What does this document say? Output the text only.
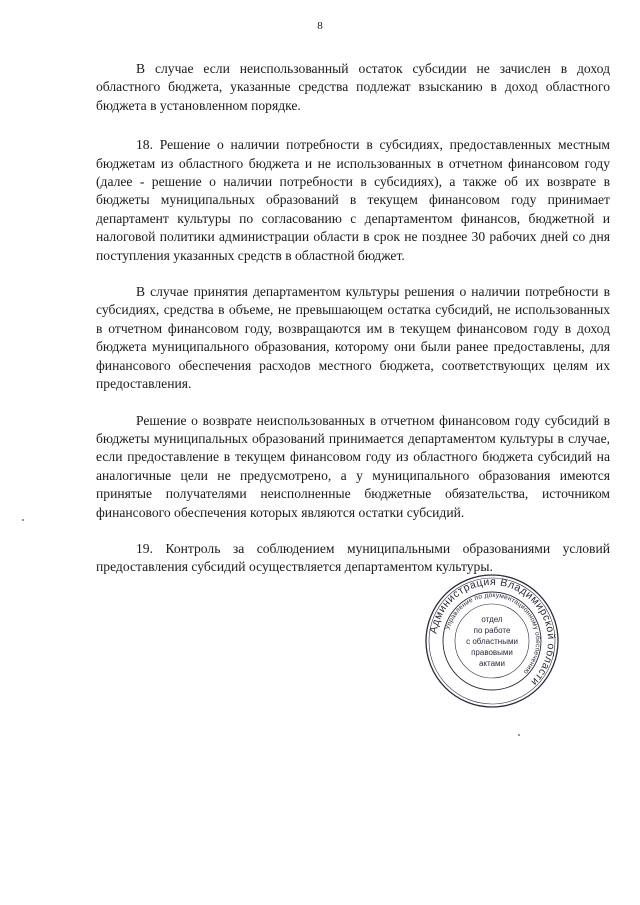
8

В случае если неиспользованный остаток субсидии не зачислен в доход областного бюджета, указанные средства подлежат взысканию в доход областного бюджета в установленном порядке.

18. Решение о наличии потребности в субсидиях, предоставленных местным бюджетам из областного бюджета и не использованных в отчетном финансовом году (далее - решение о наличии потребности в субсидиях), а также об их возврате в бюджеты муниципальных образований в текущем финансовом году принимает департамент культуры по согласованию с департаментом финансов, бюджетной и налоговой политики администрации области в срок не позднее 30 рабочих дней со дня поступления указанных средств в областной бюджет.

В случае принятия департаментом культуры решения о наличии потребности в субсидиях, средства в объеме, не превышающем остатка субсидий, не использованных в отчетном финансовом году, возвращаются им в текущем финансовом году в доход бюджета муниципального образования, которому они были ранее предоставлены, для финансового обеспечения расходов местного бюджета, соответствующих целям их предоставления.

Решение о возврате неиспользованных в отчетном финансовом году субсидий в бюджеты муниципальных образований принимается департаментом культуры в случае, если предоставление в текущем финансовом году из областного бюджета субсидий на аналогичные цели не предусмотрено, а у муниципального образования имеются принятые получателями неисполненные бюджетные обязательства, источником финансового обеспечения которых являются остатки субсидий.

19. Контроль за соблюдением муниципальными образованиями условий предоставления субсидий осуществляется департаментом культуры.

Администрация Владимирской области
Управление по документационному обеспечению
отдел
по работе
с областными
правовыми
актами
